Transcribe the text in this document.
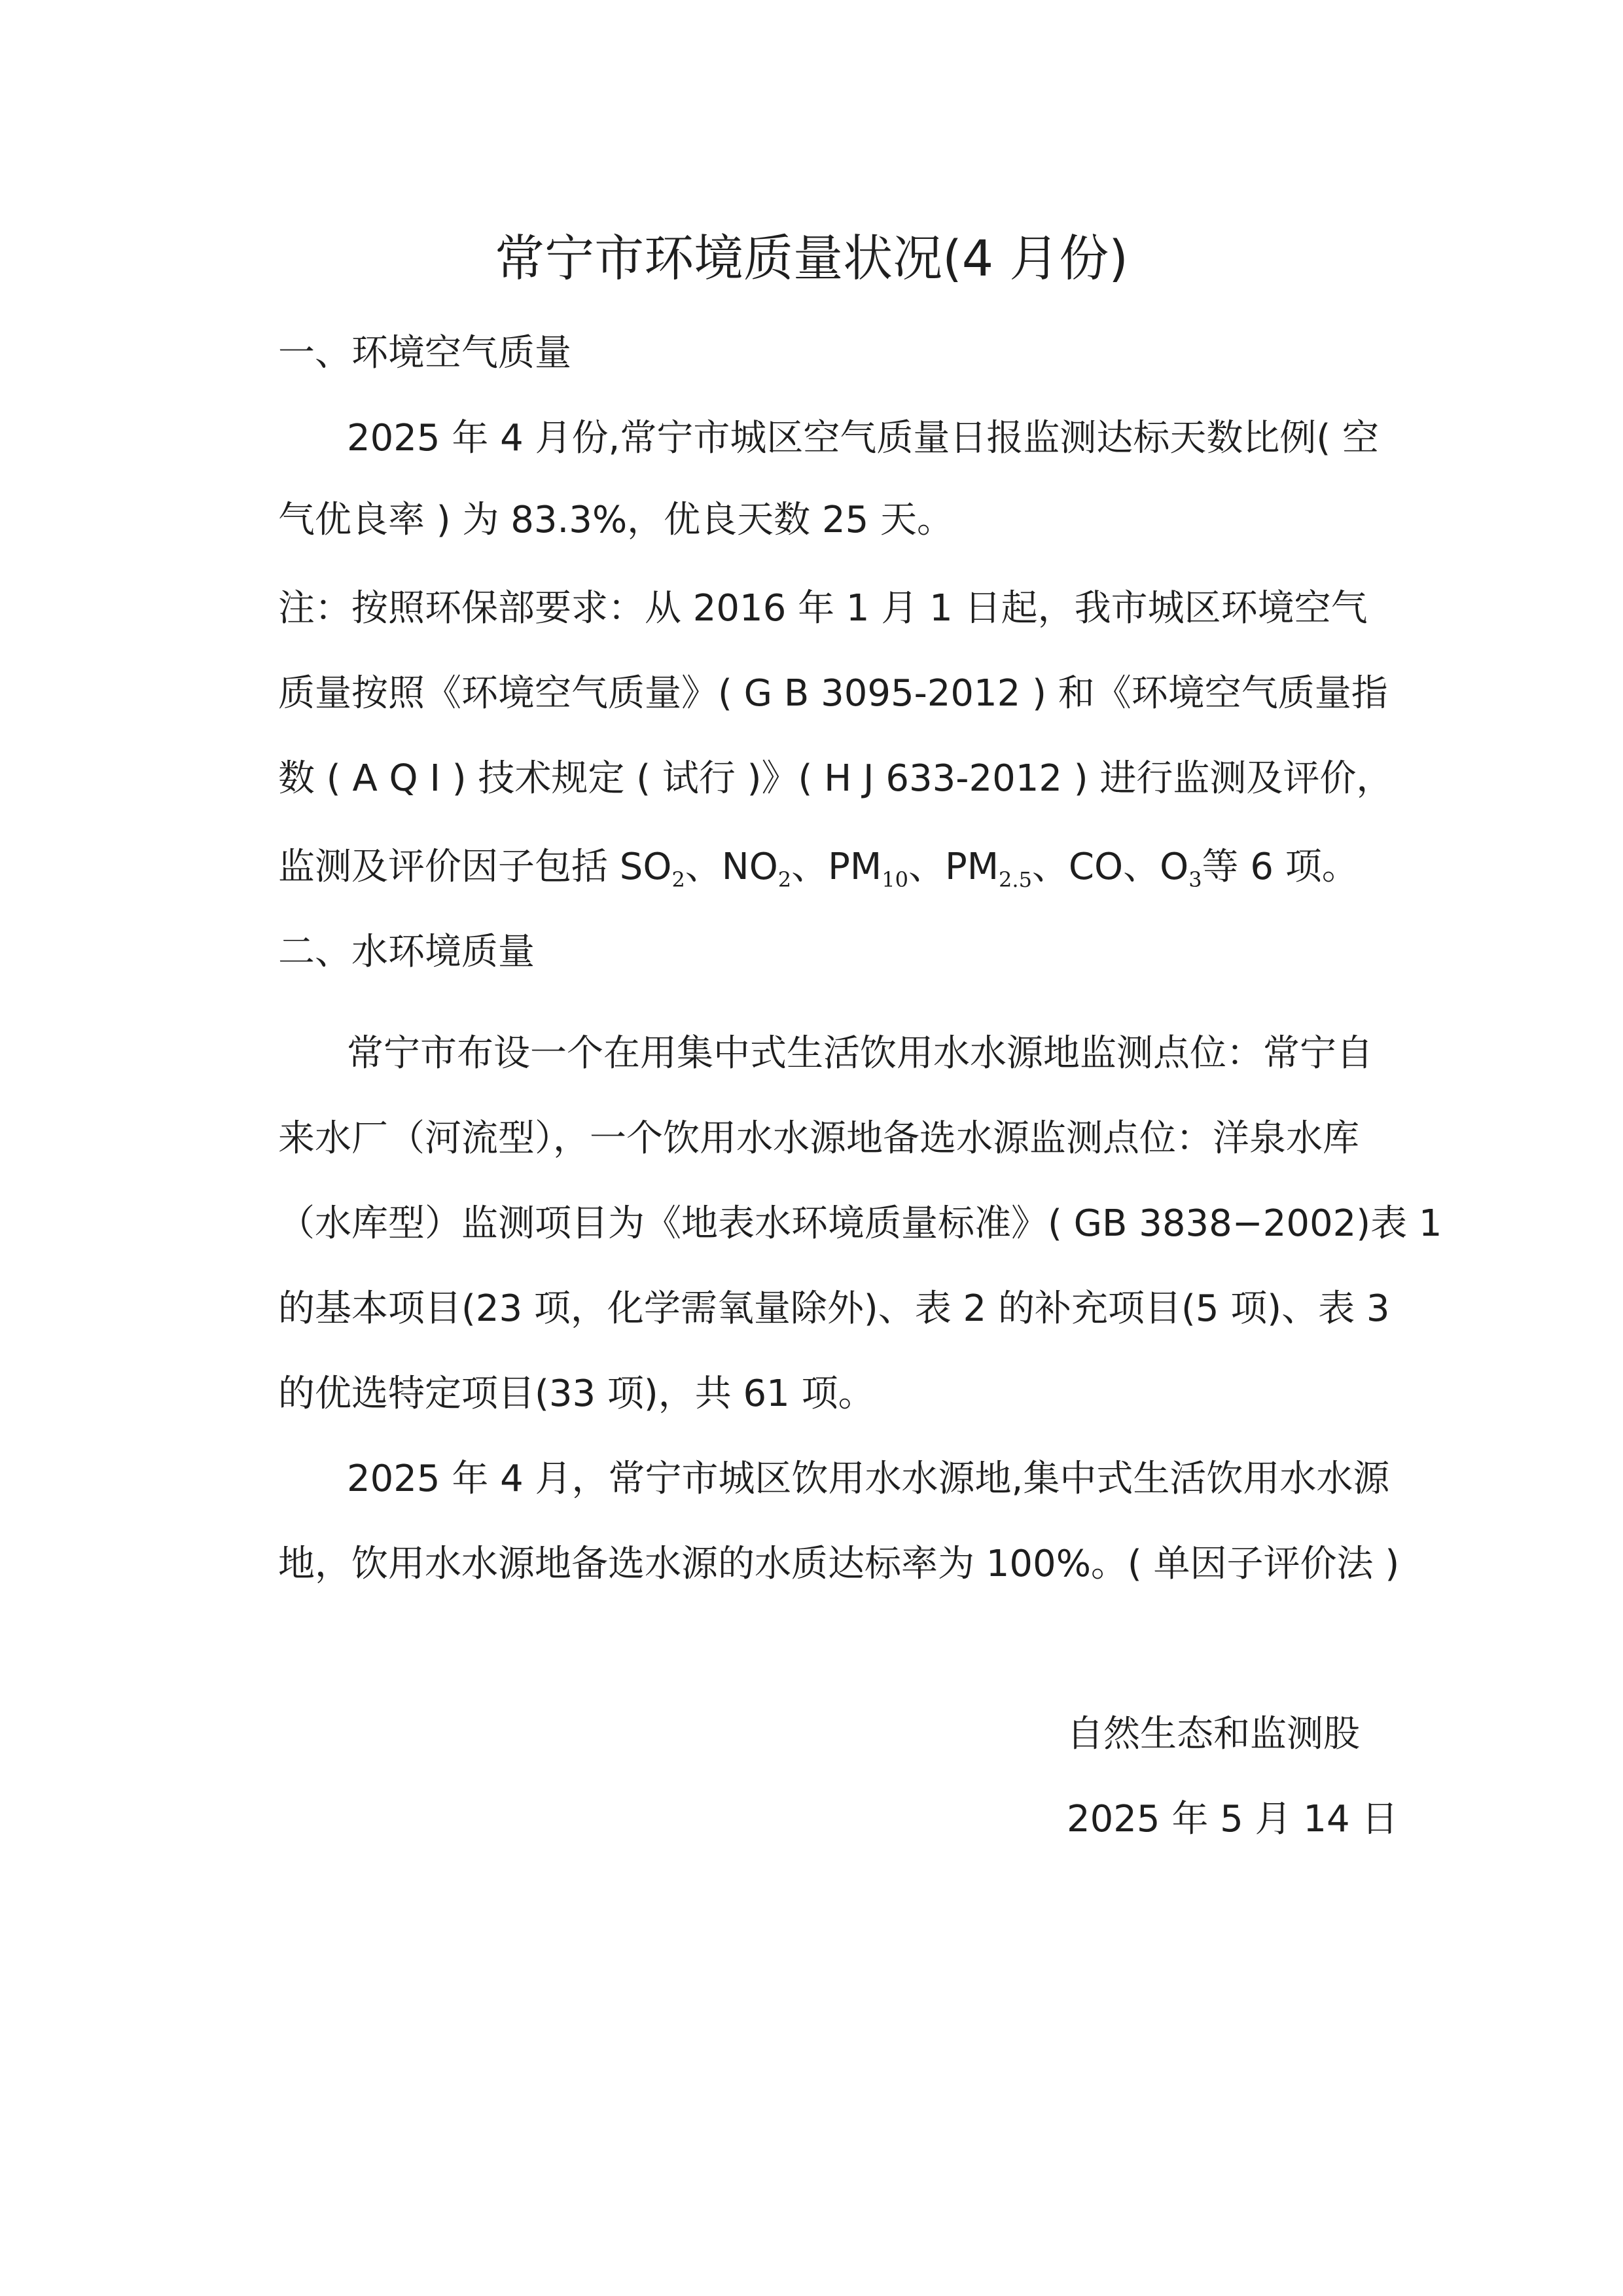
常宁市环境质量状况(4 月份)

一、环境空气质量

2025 年 4 月份,常宁市城区空气质量日报监测达标天数比例( 空

气优良率 ) 为 83.3%，优良天数 25 天。

注：按照环保部要求：从 2016 年 1 月 1 日起，我市城区环境空气

质量按照《环境空气质量》( G B 3095-2012 ) 和《环境空气质量指

数 ( A Q I ) 技术规定 ( 试行 )》( H J 633-2012 ) 进行监测及评价，

监测及评价因子包括 $SO_2$、$NO_2$、$PM_{10}$、$PM_{2.5}$、CO、$O_3$等 6 项。

二、水环境质量

常宁市布设一个在用集中式生活饮用水水源地监测点位：常宁自

来水厂（河流型），一个饮用水水源地备选水源监测点位：洋泉水库

（水库型）监测项目为《地表水环境质量标准》( GB 3838−2002)表 1

的基本项目(23 项，化学需氧量除外)、表 2 的补充项目(5 项)、表 3

的优选特定项目(33 项)，共 61 项。

2025 年 4 月，常宁市城区饮用水水源地,集中式生活饮用水水源

地，饮用水水源地备选水源的水质达标率为 100%。( 单因子评价法 )

自然生态和监测股

2025 年 5 月 14 日
